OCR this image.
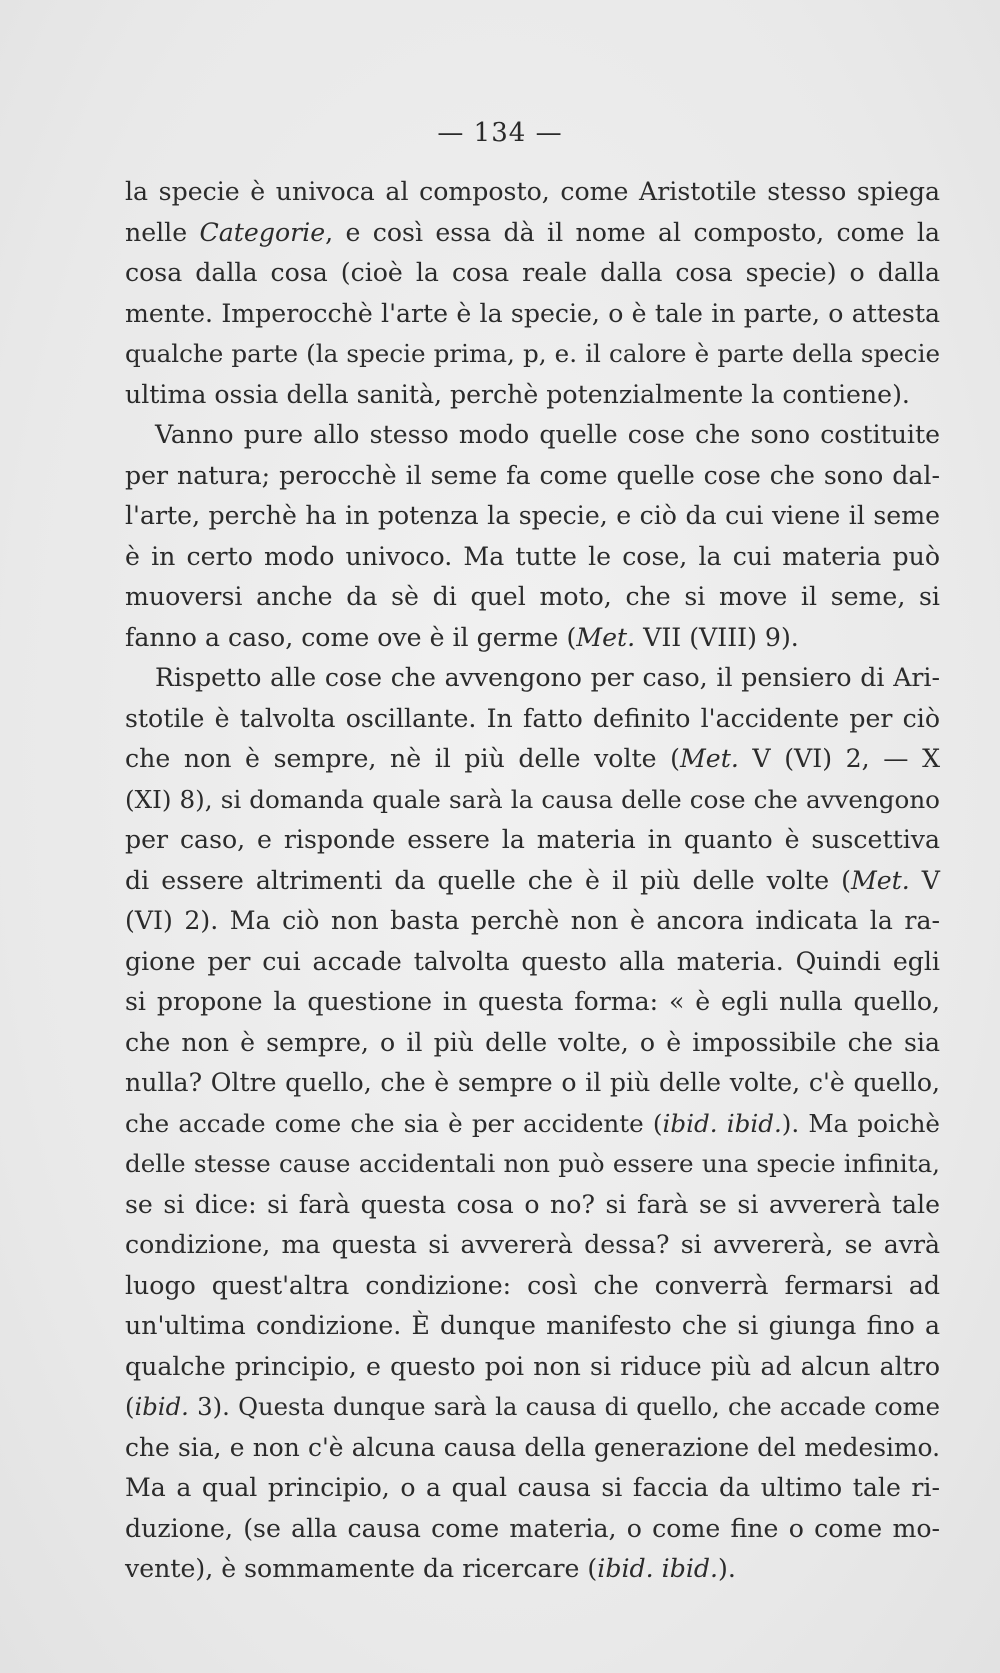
— 134 —
la specie è univoca al composto, come Aristotile stesso spiega
nelle Categorie, e così essa dà il nome al composto, come la
cosa dalla cosa (cioè la cosa reale dalla cosa specie) o dalla
mente. Imperocchè l'arte è la specie, o è tale in parte, o attesta
qualche parte (la specie prima, p, e. il calore è parte della specie
ultima ossia della sanità, perchè potenzialmente la contiene).
Vanno pure allo stesso modo quelle cose che sono costituite
per natura; perocchè il seme fa come quelle cose che sono dal-
l'arte, perchè ha in potenza la specie, e ciò da cui viene il seme
è in certo modo univoco. Ma tutte le cose, la cui materia può
muoversi anche da sè di quel moto, che si move il seme, si
fanno a caso, come ove è il germe (Met. VII (VIII) 9).
Rispetto alle cose che avvengono per caso, il pensiero di Ari-
stotile è talvolta oscillante. In fatto definito l'accidente per ciò
che non è sempre, nè il più delle volte (Met. V (VI) 2, — X
(XI) 8), si domanda quale sarà la causa delle cose che avvengono
per caso, e risponde essere la materia in quanto è suscettiva
di essere altrimenti da quelle che è il più delle volte (Met. V
(VI) 2). Ma ciò non basta perchè non è ancora indicata la ra-
gione per cui accade talvolta questo alla materia. Quindi egli
si propone la questione in questa forma: « è egli nulla quello,
che non è sempre, o il più delle volte, o è impossibile che sia
nulla? Oltre quello, che è sempre o il più delle volte, c'è quello,
che accade come che sia è per accidente (ibid. ibid.). Ma poichè
delle stesse cause accidentali non può essere una specie infinita,
se si dice: si farà questa cosa o no? si farà se si avvererà tale
condizione, ma questa si avvererà dessa? si avvererà, se avrà
luogo quest'altra condizione: così che converrà fermarsi ad
un'ultima condizione. È dunque manifesto che si giunga fino a
qualche principio, e questo poi non si riduce più ad alcun altro
(ibid. 3). Questa dunque sarà la causa di quello, che accade come
che sia, e non c'è alcuna causa della generazione del medesimo.
Ma a qual principio, o a qual causa si faccia da ultimo tale ri-
duzione, (se alla causa come materia, o come fine o come mo-
vente), è sommamente da ricercare (ibid. ibid.).
